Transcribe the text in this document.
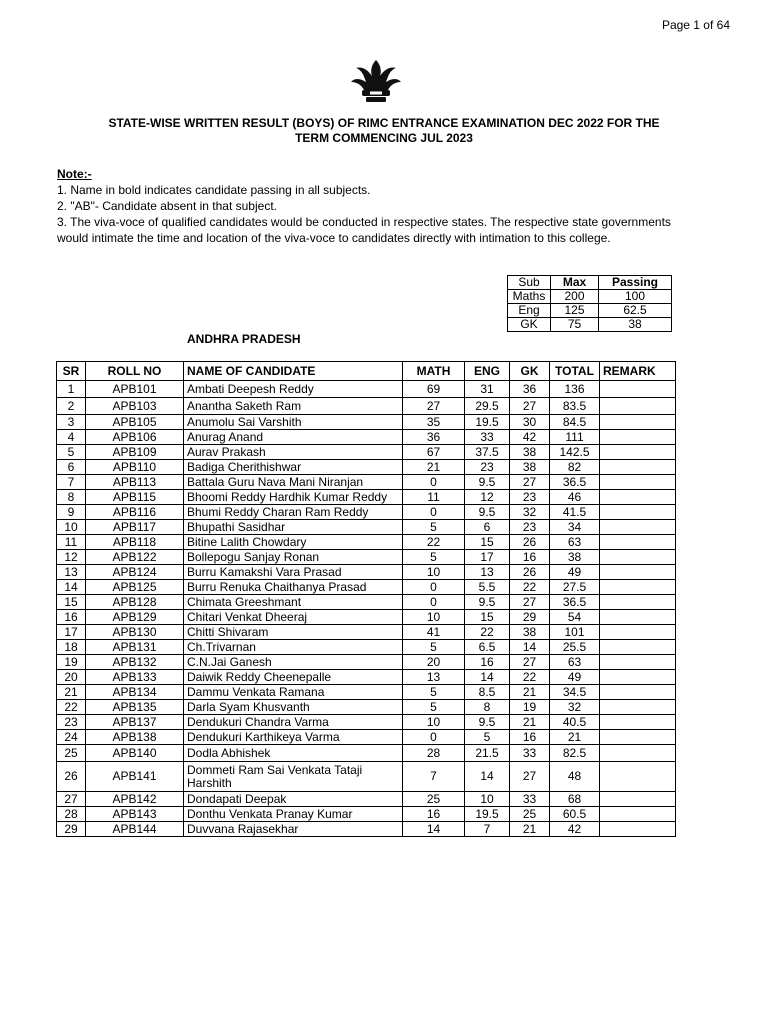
Page 1 of 64
STATE-WISE WRITTEN RESULT (BOYS) OF RIMC ENTRANCE EXAMINATION DEC 2022 FOR THE
TERM COMMENCING JUL 2023

Note:-

1. Name in bold indicates candidate passing in all subjects.

2. "AB"- Candidate absent in that subject.

3. The viva-voce of qualified candidates would be conducted in respective states. The respective state governments would intimate the time and location of the viva-voce to candidates directly with intimation to this college.

Sub	Max	Passing
Maths	200	100
Eng	125	62.5
GK	75	38
ANDHRA PRADESH
SR	ROLL NO	NAME OF CANDIDATE	MATH	ENG	GK	TOTAL	REMARK
1	APB101	Ambati Deepesh Reddy	69	31	36	136	
2	APB103	Anantha Saketh Ram	27	29.5	27	83.5	
3	APB105	Anumolu Sai Varshith	35	19.5	30	84.5	
4	APB106	Anurag Anand	36	33	42	111	
5	APB109	Aurav Prakash	67	37.5	38	142.5	
6	APB110	Badiga Cherithishwar	21	23	38	82	
7	APB113	Battala Guru Nava Mani Niranjan	0	9.5	27	36.5	
8	APB115	Bhoomi Reddy Hardhik Kumar Reddy	11	12	23	46	
9	APB116	Bhumi Reddy Charan Ram Reddy	0	9.5	32	41.5	
10	APB117	Bhupathi Sasidhar	5	6	23	34	
11	APB118	Bitine Lalith Chowdary	22	15	26	63	
12	APB122	Bollepogu Sanjay Ronan	5	17	16	38	
13	APB124	Burru Kamakshi Vara Prasad	10	13	26	49	
14	APB125	Burru Renuka Chaithanya Prasad	0	5.5	22	27.5	
15	APB128	Chimata Greeshmant	0	9.5	27	36.5	
16	APB129	Chitari Venkat Dheeraj	10	15	29	54	
17	APB130	Chitti Shivaram	41	22	38	101	
18	APB131	Ch.Trivarnan	5	6.5	14	25.5	
19	APB132	C.N.Jai Ganesh	20	16	27	63	
20	APB133	Daiwik Reddy Cheenepalle	13	14	22	49	
21	APB134	Dammu Venkata Ramana	5	8.5	21	34.5	
22	APB135	Darla Syam Khusvanth	5	8	19	32	
23	APB137	Dendukuri Chandra Varma	10	9.5	21	40.5	
24	APB138	Dendukuri Karthikeya Varma	0	5	16	21	
25	APB140	Dodla Abhishek	28	21.5	33	82.5	
26	APB141	Dommeti Ram Sai Venkata Tataji Harshith	7	14	27	48	
27	APB142	Dondapati Deepak	25	10	33	68	
28	APB143	Donthu Venkata Pranay Kumar	16	19.5	25	60.5	
29	APB144	Duvvana Rajasekhar	14	7	21	42	
